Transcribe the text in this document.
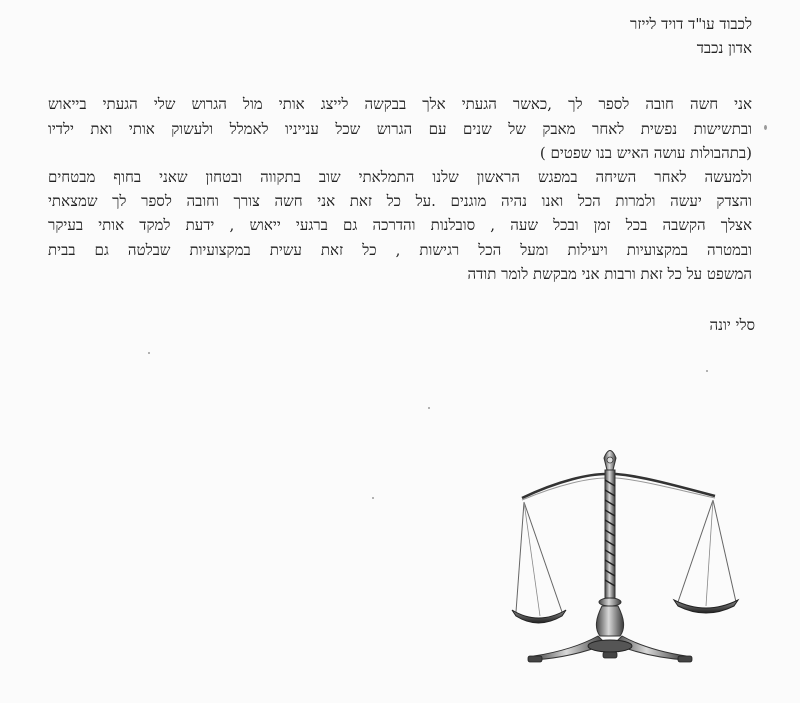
לכבוד עו"ד דויד לייזר
אדון נכבד
אני חשה חובה לספר לך ,כאשר הגעתי אלך בבקשה לייצג אותי מול הגרוש שלי הגעתי בייאוש
ובתשישות נפשית לאחר מאבק של שנים עם הגרוש שכל ענייניו לאמלל ולעשוק אותי ואת ילדיו
(בתהבולות עושה האיש בנו שפטים )
ולמעשה לאחר השיחה במפגש הראשון שלנו התמלאתי שוב בתקווה ובטחון שאני בחוף מבטחים
והצדק יעשה ולמרות הכל ואנו נהיה מוגנים .על כל זאת אני חשה צורך וחובה לספר לך שמצאתי
אצלך הקשבה בכל זמן ובכל שעה , סובלנות והדרכה גם ברגעי ייאוש , ידעת למקד אותי בעיקר
ובמטרה במקצועיות ויעילות ומעל הכל רגישות , כל זאת עשית במקצועיות שבלטה גם בבית
המשפט על כל זאת ורבות אני מבקשת לומר תודה
סלי יונה
